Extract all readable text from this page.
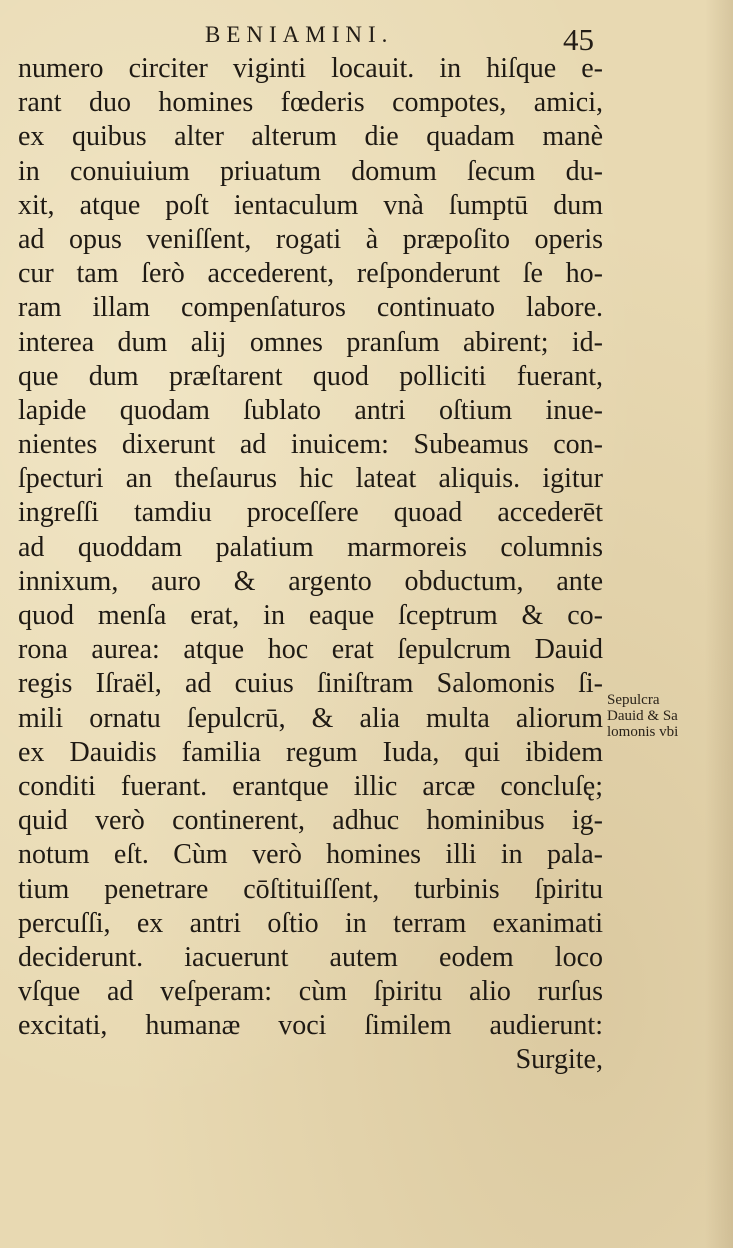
BENIAMINI.	45
numero circiter viginti locauit. in hiſque e-
rant duo homines fœderis compotes, amici,
ex quibus alter alterum die quadam manè
in conuiuium priuatum domum ſecum du-
xit, atque poſt ientaculum vnà ſumptū dum
ad opus veniſſent, rogati à præpoſito operis
cur tam ſerò accederent, reſponderunt ſe ho-
ram illam compenſaturos continuato labore.
interea dum alij omnes pranſum abirent; id-
que dum præſtarent quod polliciti fuerant,
lapide quodam ſublato antri oſtium inue-
nientes dixerunt ad inuicem: Subeamus con-
ſpecturi an theſaurus hic lateat aliquis. igitur
ingreſſi tamdiu proceſſere quoad accederēt
ad quoddam palatium marmoreis columnis
innixum, auro & argento obductum, ante
quod menſa erat, in eaque ſceptrum & co-
rona aurea: atque hoc erat ſepulcrum Dauid
regis Iſraël, ad cuius ſiniſtram Salomonis ſi-
mili ornatu ſepulcrū, & alia multa aliorum
ex Dauidis familia regum Iuda, qui ibidem
conditi fuerant. erantque illic arcæ concluſę;
quid verò continerent, adhuc hominibus ig-
notum eſt. Cùm verò homines illi in pala-
tium penetrare cōſtituiſſent, turbinis ſpiritu
percuſſi, ex antri oſtio in terram exanimati
deciderunt. iacuerunt autem eodem loco
vſque ad veſperam: cùm ſpiritu alio rurſus
excitati, humanæ voci ſimilem audierunt:
Surgite,
Sepulcra
Dauid & Sa
lomonis vbi
